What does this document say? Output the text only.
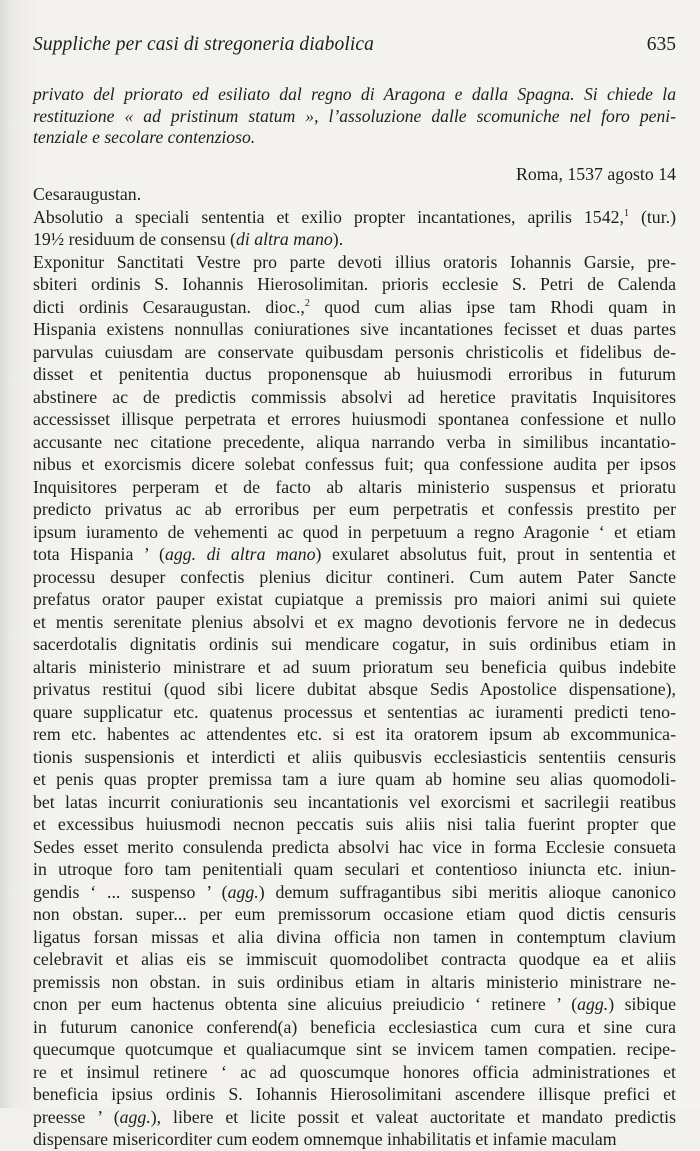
Suppliche per casi di stregoneria diabolica	635
privato del priorato ed esiliato dal regno di Aragona e dalla Spagna. Si chiede la
restituzione « ad pristinum statum », l’assoluzione dalle scomuniche nel foro peni-
tenziale e secolare contenzioso.
Roma, 1537 agosto 14
Cesaraugustan.
Absolutio a speciali sententia et exilio propter incantationes, aprilis 1542,$^1$ (tur.)
19½ residuum de consensu (di altra mano).
Exponitur Sanctitati Vestre pro parte devoti illius oratoris Iohannis Garsie, pre-
sbiteri ordinis S. Iohannis Hierosolimitan. prioris ecclesie S. Petri de Calenda
dicti ordinis Cesaraugustan. dioc.,$^2$ quod cum alias ipse tam Rhodi quam in
Hispania existens nonnullas coniurationes sive incantationes fecisset et duas partes
parvulas cuiusdam are conservate quibusdam personis christicolis et fidelibus de-
disset et penitentia ductus proponensque ab huiusmodi erroribus in futurum
abstinere ac de predictis commissis absolvi ad heretice pravitatis Inquisitores
accessisset illisque perpetrata et errores huiusmodi spontanea confessione et nullo
accusante nec citatione precedente, aliqua narrando verba in similibus incantatio-
nibus et exorcismis dicere solebat confessus fuit; qua confessione audita per ipsos
Inquisitores perperam et de facto ab altaris ministerio suspensus et prioratu
predicto privatus ac ab erroribus per eum perpetratis et confessis prestito per
ipsum iuramento de vehementi ac quod in perpetuum a regno Aragonie ‘ et etiam
tota Hispania ’ (agg. di altra mano) exularet absolutus fuit, prout in sententia et
processu desuper confectis plenius dicitur contineri. Cum autem Pater Sancte
prefatus orator pauper existat cupiatque a premissis pro maiori animi sui quiete
et mentis serenitate plenius absolvi et ex magno devotionis fervore ne in dedecus
sacerdotalis dignitatis ordinis sui mendicare cogatur, in suis ordinibus etiam in
altaris ministerio ministrare et ad suum prioratum seu beneficia quibus indebite
privatus restitui (quod sibi licere dubitat absque Sedis Apostolice dispensatione),
quare supplicatur etc. quatenus processus et sententias ac iuramenti predicti teno-
rem etc. habentes ac attendentes etc. si est ita oratorem ipsum ab excommunica-
tionis suspensionis et interdicti et aliis quibusvis ecclesiasticis sententiis censuris
et penis quas propter premissa tam a iure quam ab homine seu alias quomodoli-
bet latas incurrit coniurationis seu incantationis vel exorcismi et sacrilegii reatibus
et excessibus huiusmodi necnon peccatis suis aliis nisi talia fuerint propter que
Sedes esset merito consulenda predicta absolvi hac vice in forma Ecclesie consueta
in utroque foro tam penitentiali quam seculari et contentioso iniuncta etc. iniun-
gendis ‘ ... suspenso ’ (agg.) demum suffragantibus sibi meritis alioque canonico
non obstan. super... per eum premissorum occasione etiam quod dictis censuris
ligatus forsan missas et alia divina officia non tamen in contemptum clavium
celebravit et alias eis se immiscuit quomodolibet contracta quodque ea et aliis
premissis non obstan. in suis ordinibus etiam in altaris ministerio ministrare ne-
cnon per eum hactenus obtenta sine alicuius preiudicio ‘ retinere ’ (agg.) sibique
in futurum canonice conferend(a) beneficia ecclesiastica cum cura et sine cura
quecumque quotcumque et qualiacumque sint se invicem tamen compatien. recipe-
re et insimul retinere ‘ ac ad quoscumque honores officia administrationes et
beneficia ipsius ordinis S. Iohannis Hierosolimitani ascendere illisque prefici et
preesse ’ (agg.), libere et licite possit et valeat auctoritate et mandato predictis
dispensare misericorditer cum eodem omnemque inhabilitatis et infamie maculam
